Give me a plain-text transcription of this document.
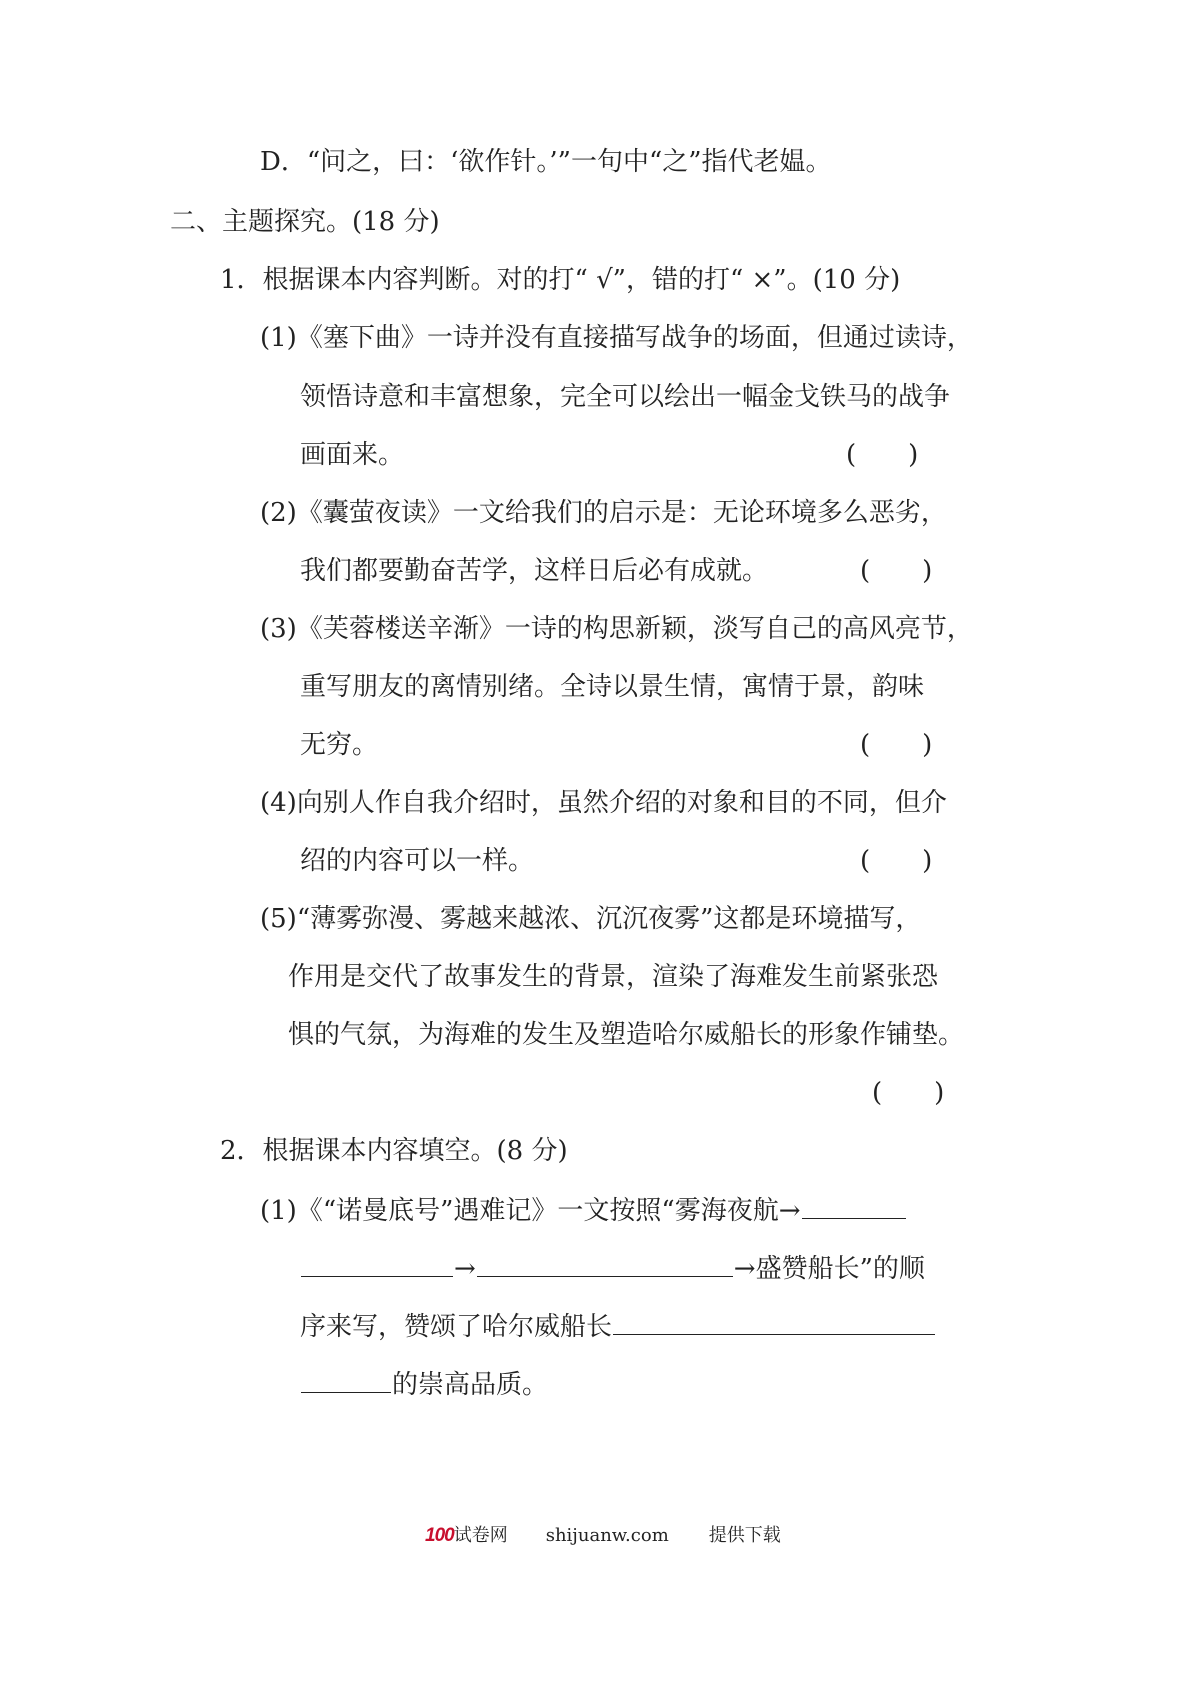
D．“问之，曰：‘欲作针。’”一句中“之”指代老媪。
二、主题探究。(18 分)
1．根据课本内容判断。对的打“ √”，错的打“ ×”。(10 分)
(1)《塞下曲》一诗并没有直接描写战争的场面，但通过读诗，
领悟诗意和丰富想象，完全可以绘出一幅金戈铁马的战争
画面来。	(　　)
(2)《囊萤夜读》一文给我们的启示是：无论环境多么恶劣，
我们都要勤奋苦学，这样日后必有成就。	(　　)
(3)《芙蓉楼送辛渐》一诗的构思新颖，淡写自己的高风亮节，
重写朋友的离情别绪。全诗以景生情，寓情于景，韵味
无穷。	(　　)
(4)向别人作自我介绍时，虽然介绍的对象和目的不同，但介
绍的内容可以一样。	(　　)
(5)“薄雾弥漫、雾越来越浓、沉沉夜雾”这都是环境描写，
作用是交代了故事发生的背景，渲染了海难发生前紧张恐
惧的气氛，为海难的发生及塑造哈尔威船长的形象作铺垫。
(　　)
2．根据课本内容填空。(8 分)
(1)《“诺曼底号”遇难记》一文按照“雾海夜航→
→	→盛赞船长”的顺
序来写，赞颂了哈尔威船长
的崇高品质。
100试卷网 shijuanw.com 提供下载
